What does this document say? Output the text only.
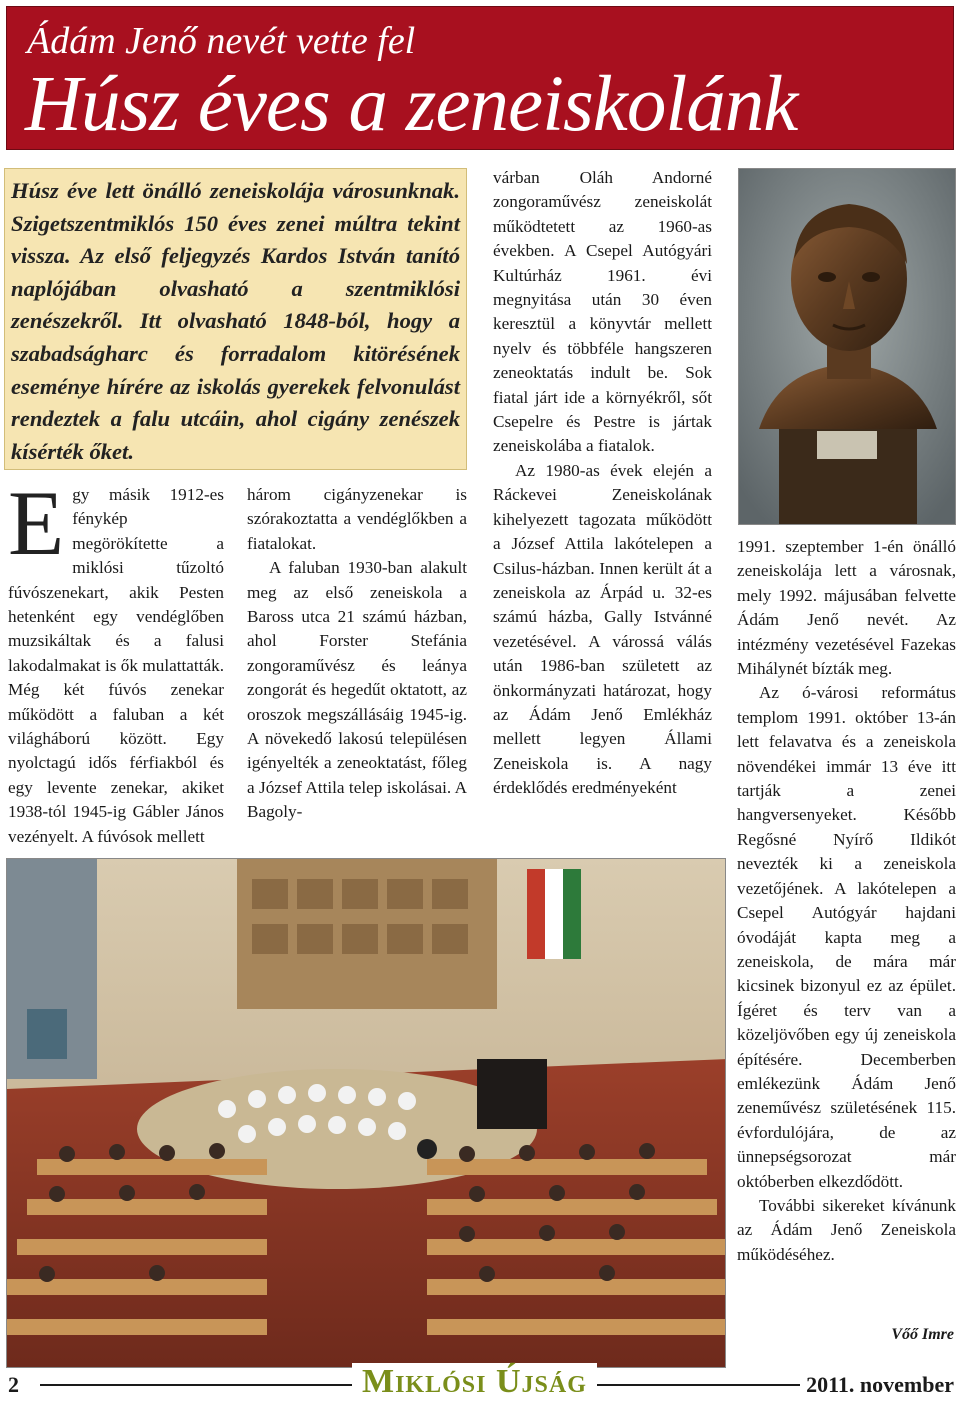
Ádám Jenő nevét vette fel
Húsz éves a zeneiskolánk

Húsz éve lett önálló zeneiskolája városunknak. Szigetszentmiklós 150 éves zenei múltra tekint vissza. Az első feljegyzés Kardos István tanító naplójában olvasható a szentmiklósi zenészekről. Itt olvasható 1848-ból, hogy a szabadságharc és forradalom kitörésének eseménye hírére az iskolás gyerekek felvonulást rendeztek a falu utcáin, ahol cigány zenészek kísérték őket.

Egy másik 1912-es fénykép megörökítette a miklósi tűzoltó fúvószenekart, akik Pesten hetenként egy vendéglőben muzsikáltak és a falusi lakodalmakat is ők mulattatták. Még két fúvós zenekar működött a faluban a két világháború között. Egy nyolctagú idős férfiakból és egy levente zenekar, akiket 1938-tól 1945-ig Gábler János vezényelt. A fúvósok mellett

három cigányzenekar is szórakoztatta a vendéglőkben a fiatalokat.

A faluban 1930-ban alakult meg az első zeneiskola a Baross utca 21 számú házban, ahol Forster Stefánia zongoraművész és leánya zongorát és hegedűt oktatott, az oroszok megszállásáig 1945-ig. A növekedő lakosú településen igényelték a zeneoktatást, főleg a József Attila telep iskolásai. A Bagoly-

várban Oláh Andorné zongoraművész zeneiskolát működtetett az 1960-as években. A Csepel Autógyári Kultúrház 1961. évi megnyitása után 30 éven keresztül a könyvtár mellett nyelv és többféle hangszeren zeneoktatás indult be. Sok fiatal járt ide a környékről, sőt Csepelre és Pestre is jártak zeneiskolába a fiatalok.

Az 1980-as évek elején a Ráckevei Zeneiskolának kihelyezett tagozata működött a József Attila lakótelepen a Csilus-házban. Innen került át a zeneiskola az Árpád u. 32-es számú házba, Gally Istvánné vezetésével. A várossá válás után 1986-ban született az önkormányzati határozat, hogy az Ádám Jenő Emlékház mellett legyen Állami Zeneiskola is. A nagy érdeklődés eredményeként

1991. szeptember 1-én önálló zeneiskolája lett a városnak, mely 1992. májusában felvette Ádám Jenő nevét. Az intézmény vezetésével Fazekas Mihálynét bízták meg.

Az ó-városi református templom 1991. október 13-án lett felavatva és a zeneiskola növendékei immár 13 éve itt tartják a zenei hangversenyeket. Később Regősné Nyírő Ildikót nevezték ki a zeneiskola vezetőjének. A lakótelepen a Csepel Autógyár hajdani óvodáját kapta meg a zeneiskola, de mára már kicsinek bizonyul ez az épület. Ígéret és terv van a közeljövőben egy új zeneiskola építésére. Decemberben emlékezünk Ádám Jenő zeneművész születésének 115. évfordulójára, de az ünnepségsorozat már októberben elkezdődött.

További sikereket kívánunk az Ádám Jenő Zeneiskola működéséhez.

Vőő Imre
2	Miklósi Újság	2011. november
